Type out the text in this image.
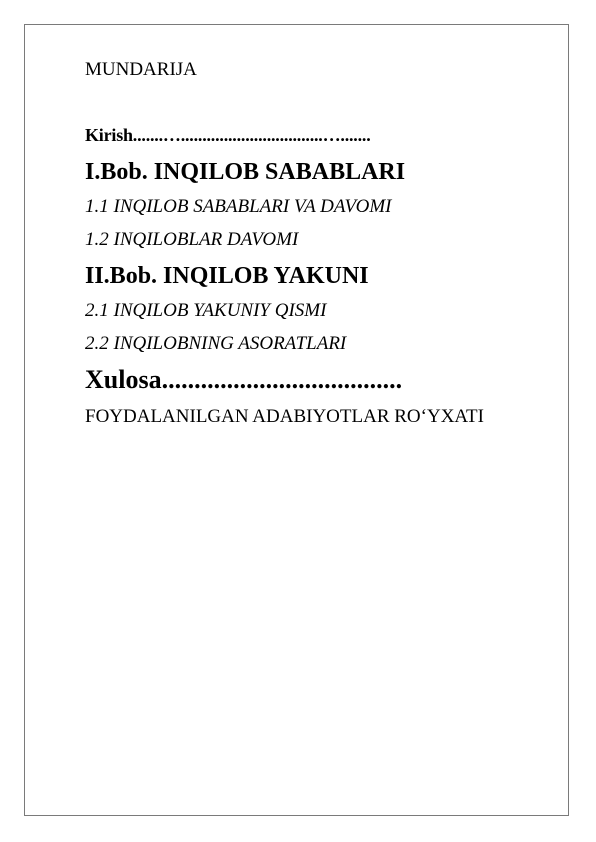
MUNDARIJA
Kirish.......….................................….......
I.Bob. INQILOB SABABLARI
1.1 INQILOB SABABLARI VA DAVOMI
1.2 INQILOBLAR DAVOMI
II.Bob. INQILOB YAKUNI
2.1 INQILOB YAKUNIY QISMI
2.2 INQILOBNING ASORATLARI
Xulosa.....................................
FOYDALANILGAN ADABIYOTLAR RO‘YXATI
